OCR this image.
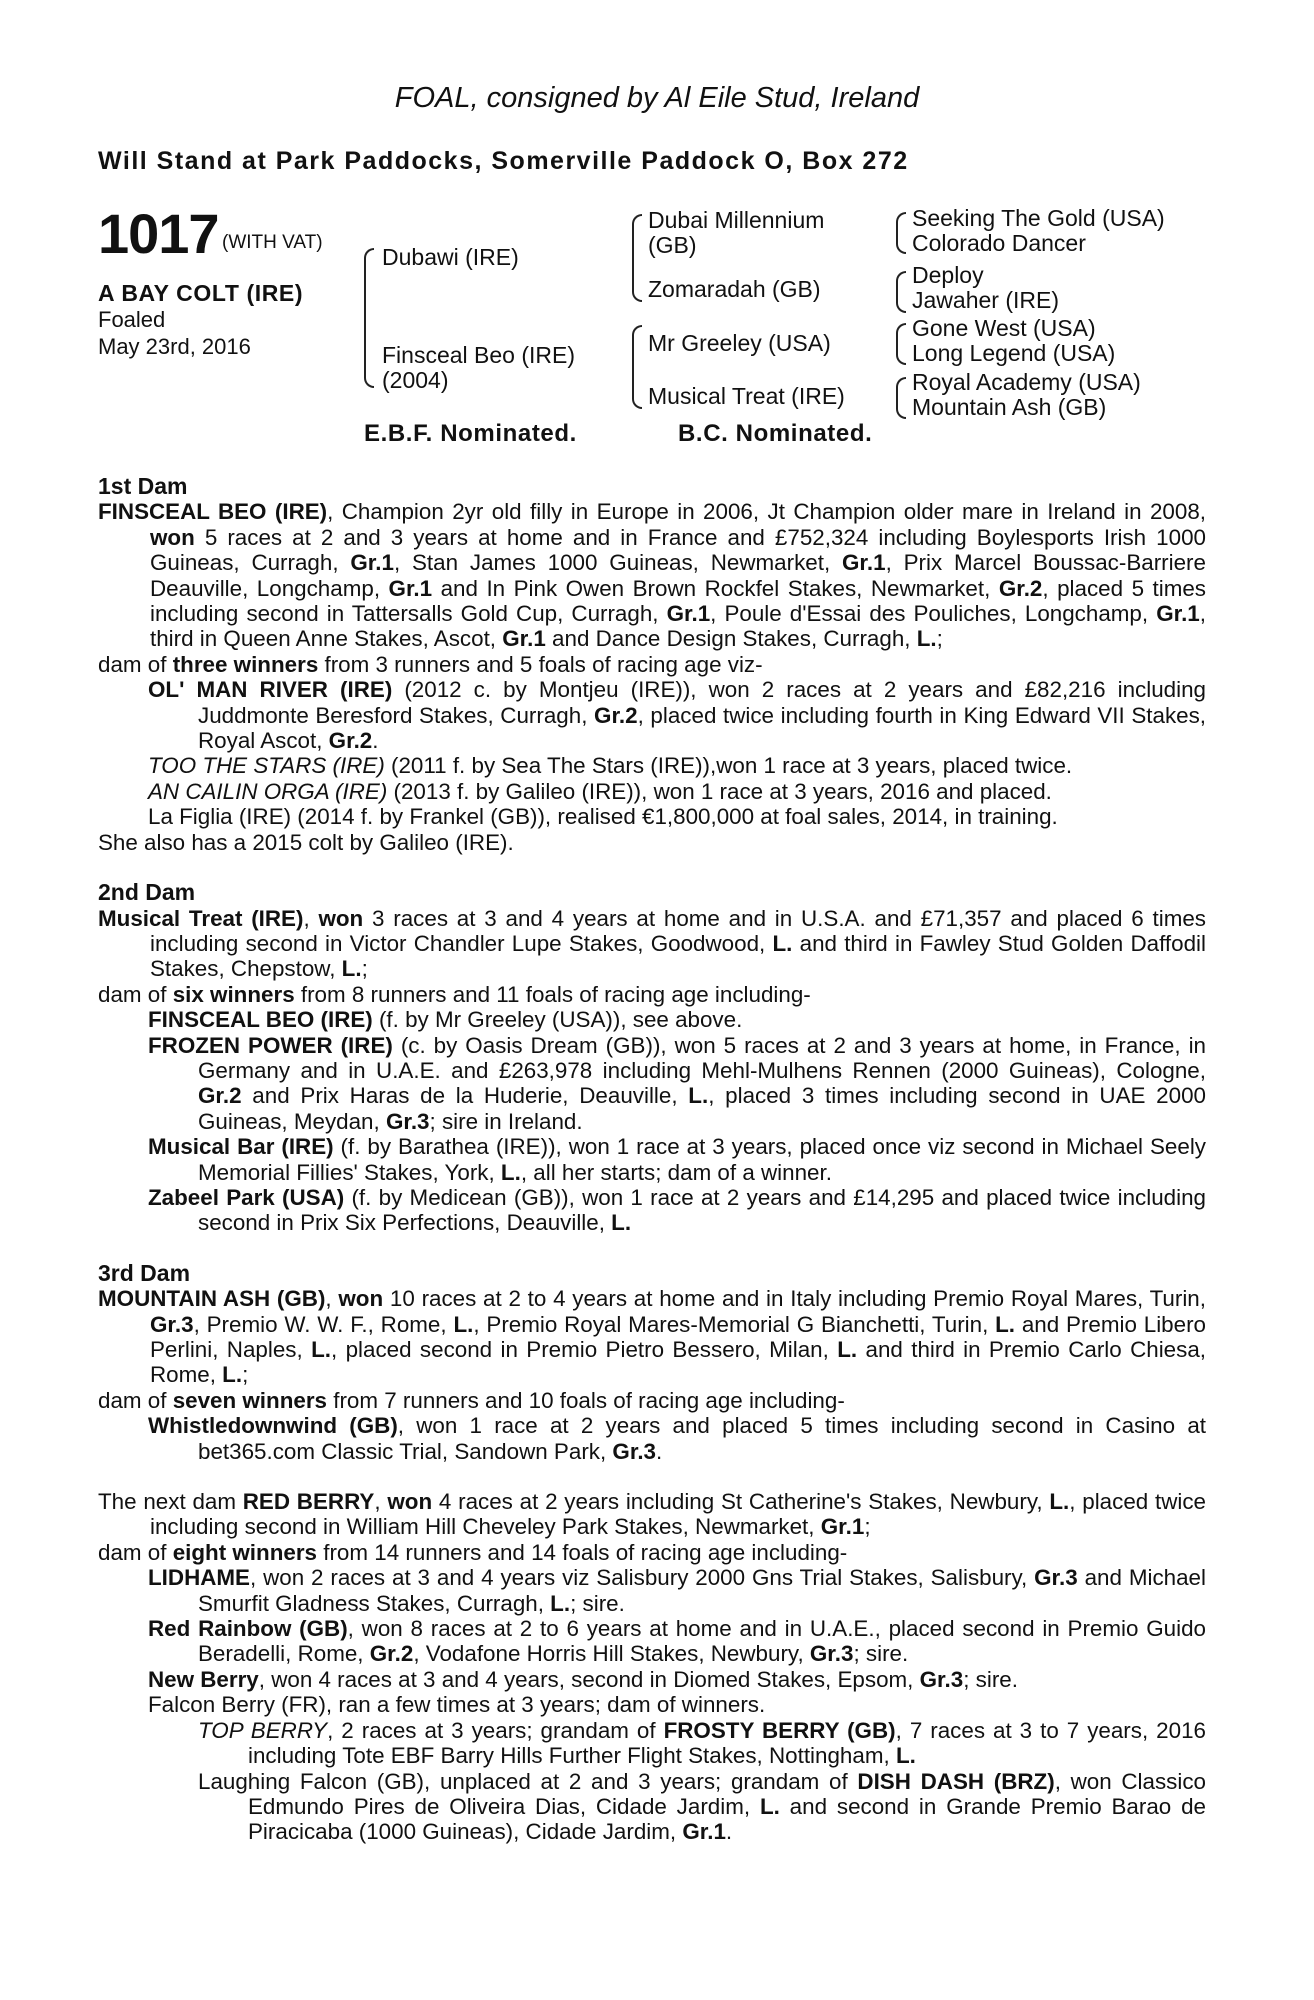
FOAL, consigned by Al Eile Stud, Ireland
Will Stand at Park Paddocks, Somerville Paddock O, Box 272
1017 (WITH VAT)
A BAY COLT (IRE)
Foaled
May 23rd, 2016
Dubawi (IRE)
Finsceal Beo (IRE)
(2004)
Dubai Millennium
(GB)
Zomaradah (GB)
Mr Greeley (USA)
Musical Treat (IRE)
Seeking The Gold (USA)
Colorado Dancer
Deploy
Jawaher (IRE)
Gone West (USA)
Long Legend (USA)
Royal Academy (USA)
Mountain Ash (GB)
E.B.F. Nominated.	B.C. Nominated.

1st Dam

FINSCEAL BEO (IRE), Champion 2yr old filly in Europe in 2006, Jt Champion older mare in Ireland in 2008, won 5 races at 2 and 3 years at home and in France and £752,324 including Boylesports Irish 1000 Guineas, Curragh, Gr.1, Stan James 1000 Guineas, Newmarket, Gr.1, Prix Marcel Boussac-Barriere Deauville, Longchamp, Gr.1 and In Pink Owen Brown Rockfel Stakes, Newmarket, Gr.2, placed 5 times including second in Tattersalls Gold Cup, Curragh, Gr.1, Poule d'Essai des Pouliches, Longchamp, Gr.1, third in Queen Anne Stakes, Ascot, Gr.1 and Dance Design Stakes, Curragh, L.;

dam of three winners from 3 runners and 5 foals of racing age viz-

OL' MAN RIVER (IRE) (2012 c. by Montjeu (IRE)), won 2 races at 2 years and £82,216 including Juddmonte Beresford Stakes, Curragh, Gr.2, placed twice including fourth in King Edward VII Stakes, Royal Ascot, Gr.2.

TOO THE STARS (IRE) (2011 f. by Sea The Stars (IRE)),won 1 race at 3 years, placed twice.

AN CAILIN ORGA (IRE) (2013 f. by Galileo (IRE)), won 1 race at 3 years, 2016 and placed.

La Figlia (IRE) (2014 f. by Frankel (GB)), realised €1,800,000 at foal sales, 2014, in training.

She also has a 2015 colt by Galileo (IRE).

2nd Dam

Musical Treat (IRE), won 3 races at 3 and 4 years at home and in U.S.A. and £71,357 and placed 6 times including second in Victor Chandler Lupe Stakes, Goodwood, L. and third in Fawley Stud Golden Daffodil Stakes, Chepstow, L.;

dam of six winners from 8 runners and 11 foals of racing age including-

FINSCEAL BEO (IRE) (f. by Mr Greeley (USA)), see above.

FROZEN POWER (IRE) (c. by Oasis Dream (GB)), won 5 races at 2 and 3 years at home, in France, in Germany and in U.A.E. and £263,978 including Mehl-Mulhens Rennen (2000 Guineas), Cologne, Gr.2 and Prix Haras de la Huderie, Deauville, L., placed 3 times including second in UAE 2000 Guineas, Meydan, Gr.3; sire in Ireland.

Musical Bar (IRE) (f. by Barathea (IRE)), won 1 race at 3 years, placed once viz second in Michael Seely Memorial Fillies' Stakes, York, L., all her starts; dam of a winner.

Zabeel Park (USA) (f. by Medicean (GB)), won 1 race at 2 years and £14,295 and placed twice including second in Prix Six Perfections, Deauville, L.

3rd Dam

MOUNTAIN ASH (GB), won 10 races at 2 to 4 years at home and in Italy including Premio Royal Mares, Turin, Gr.3, Premio W. W. F., Rome, L., Premio Royal Mares-Memorial G Bianchetti, Turin, L. and Premio Libero Perlini, Naples, L., placed second in Premio Pietro Bessero, Milan, L. and third in Premio Carlo Chiesa, Rome, L.;

dam of seven winners from 7 runners and 10 foals of racing age including-

Whistledownwind (GB), won 1 race at 2 years and placed 5 times including second in Casino at bet365.com Classic Trial, Sandown Park, Gr.3.

The next dam RED BERRY, won 4 races at 2 years including St Catherine's Stakes, Newbury, L., placed twice including second in William Hill Cheveley Park Stakes, Newmarket, Gr.1;

dam of eight winners from 14 runners and 14 foals of racing age including-

LIDHAME, won 2 races at 3 and 4 years viz Salisbury 2000 Gns Trial Stakes, Salisbury, Gr.3 and Michael Smurfit Gladness Stakes, Curragh, L.; sire.

Red Rainbow (GB), won 8 races at 2 to 6 years at home and in U.A.E., placed second in Premio Guido Beradelli, Rome, Gr.2, Vodafone Horris Hill Stakes, Newbury, Gr.3; sire.

New Berry, won 4 races at 3 and 4 years, second in Diomed Stakes, Epsom, Gr.3; sire.

Falcon Berry (FR), ran a few times at 3 years; dam of winners.

TOP BERRY, 2 races at 3 years; grandam of FROSTY BERRY (GB), 7 races at 3 to 7 years, 2016 including Tote EBF Barry Hills Further Flight Stakes, Nottingham, L.

Laughing Falcon (GB), unplaced at 2 and 3 years; grandam of DISH DASH (BRZ), won Classico Edmundo Pires de Oliveira Dias, Cidade Jardim, L. and second in Grande Premio Barao de Piracicaba (1000 Guineas), Cidade Jardim, Gr.1.
